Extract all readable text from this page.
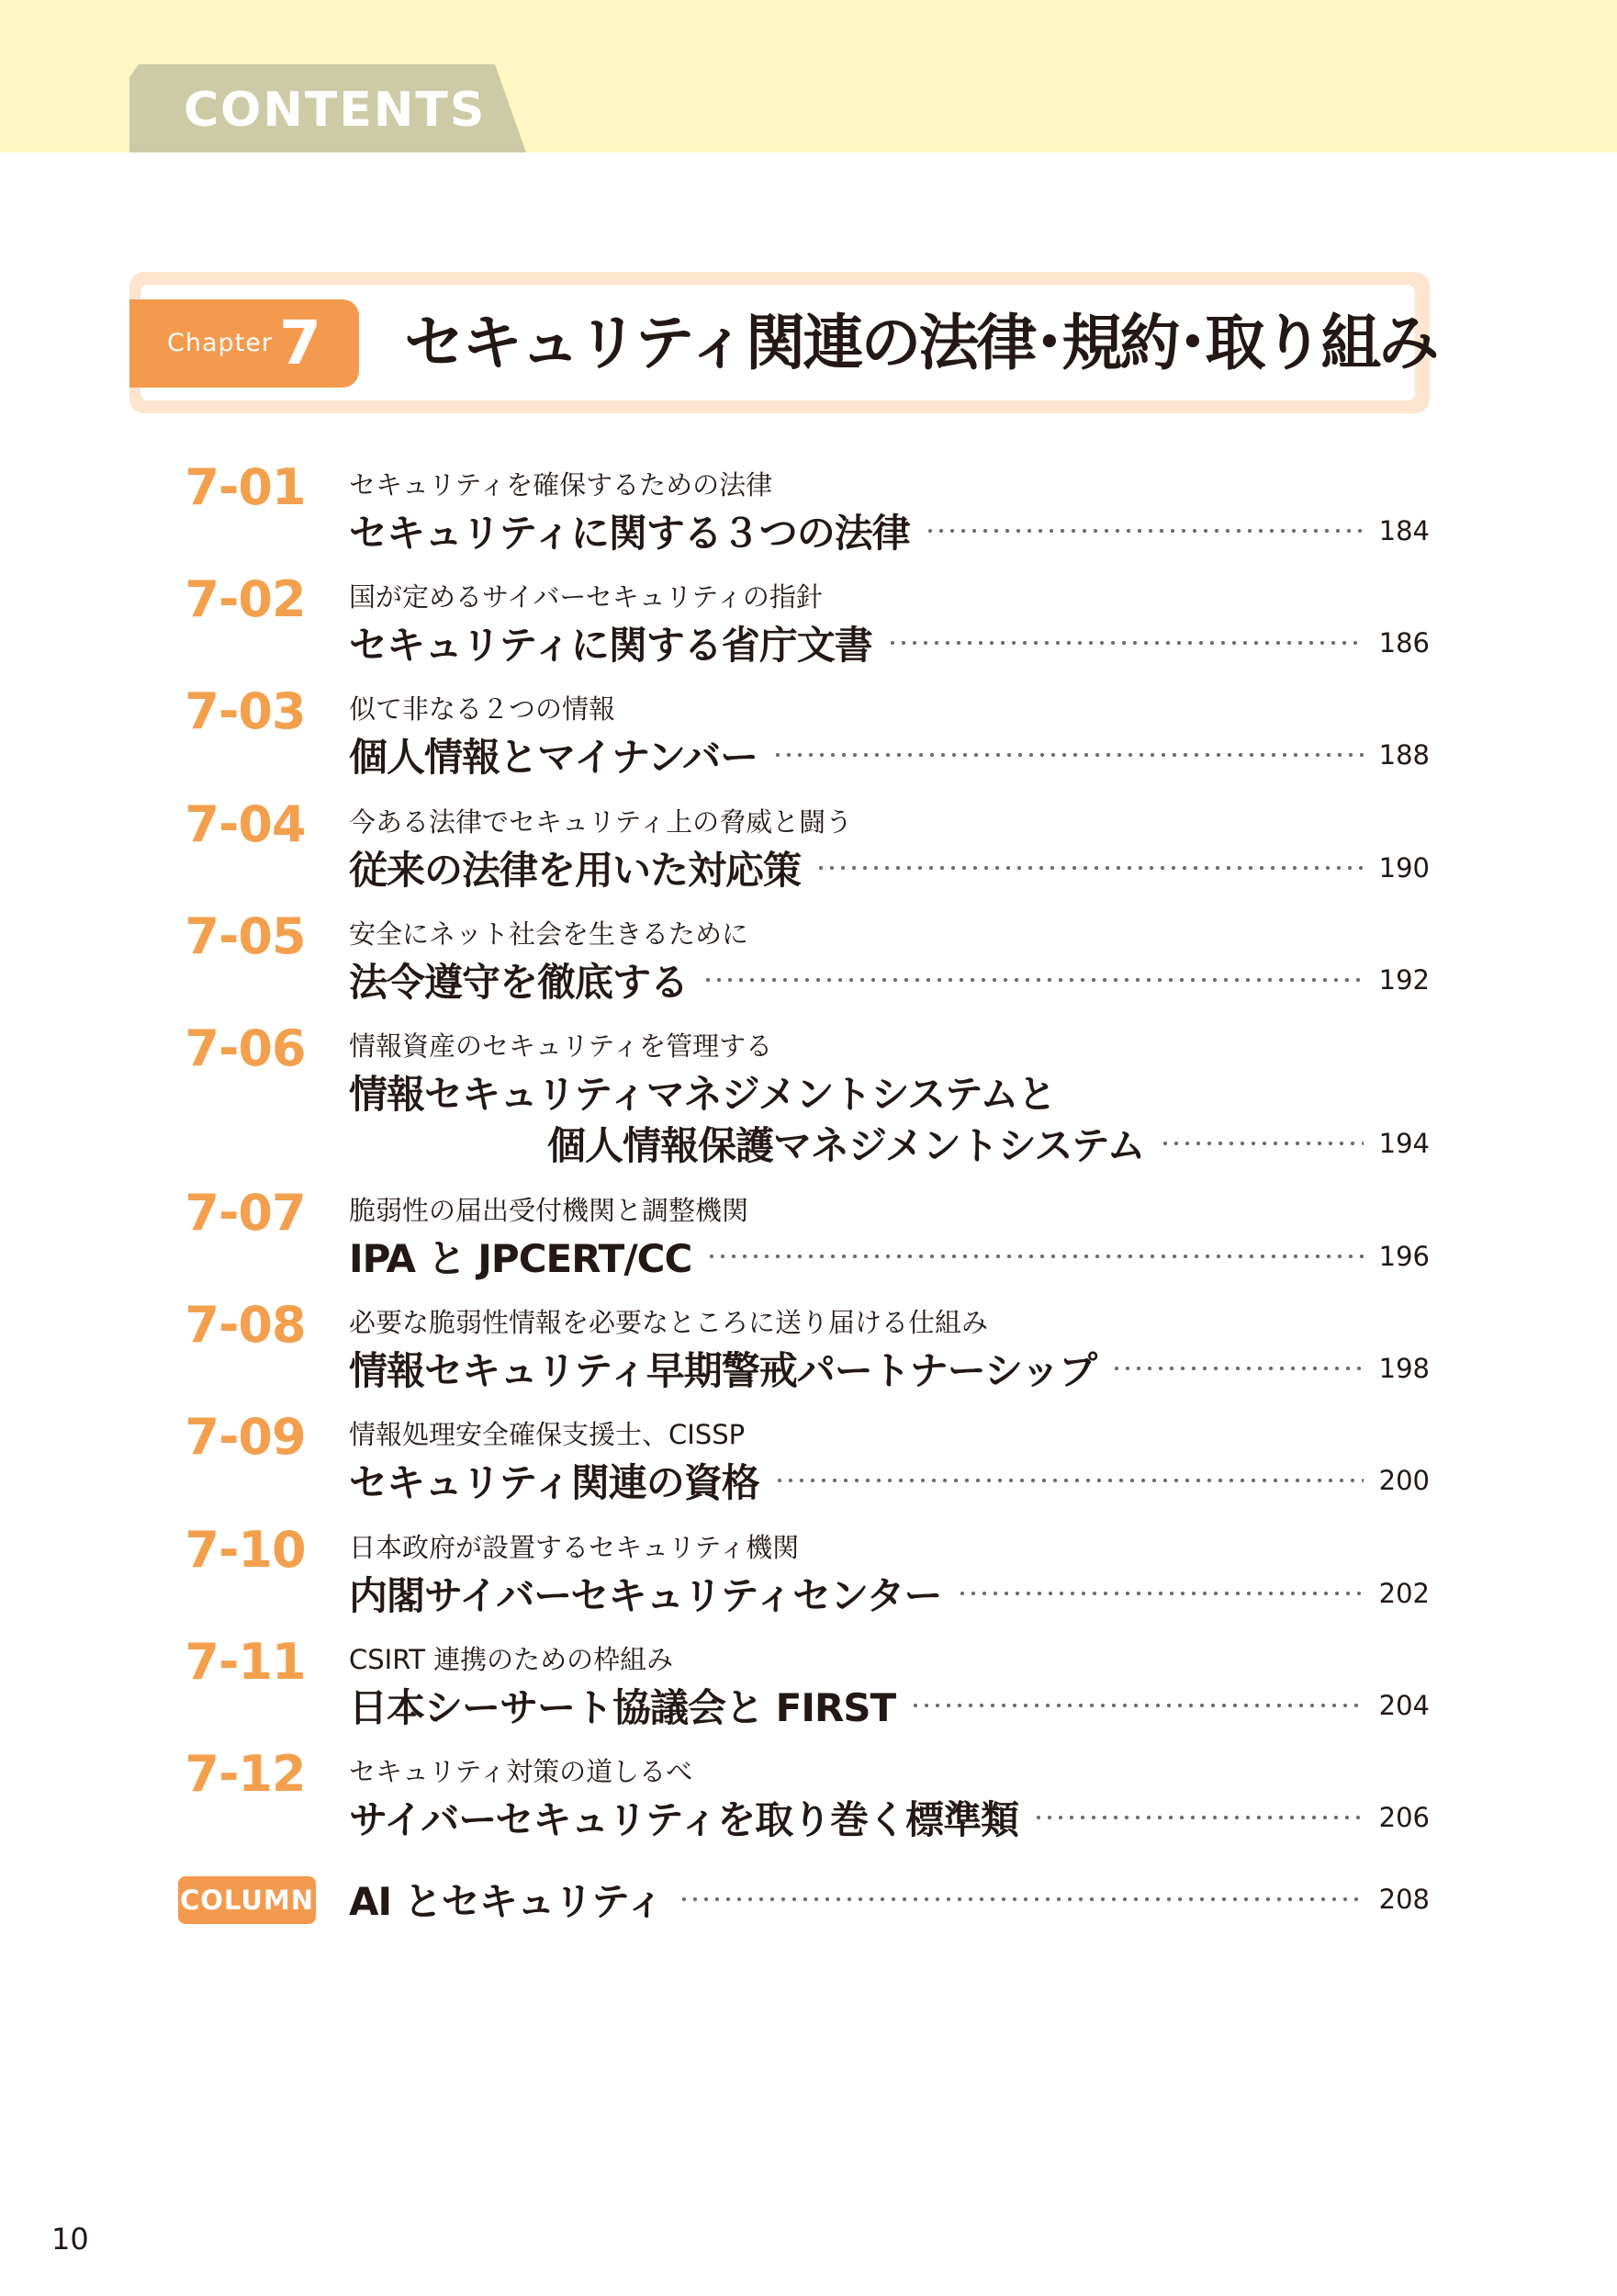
CONTENTS
Chapter 7 セキュリティ関連の法律･規約･取り組み
7-01 セキュリティを確保するための法律
セキュリティに関する３つの法律	184
7-02 国が定めるサイバーセキュリティの指針
セキュリティに関する省庁文書	186
7-03 似て非なる２つの情報
個人情報とマイナンバー	188
7-04 今ある法律でセキュリティ上の脅威と闘う
従来の法律を用いた対応策	190
7-05 安全にネット社会を生きるために
法令遵守を徹底する	192
7-06 情報資産のセキュリティを管理する
情報セキュリティマネジメントシステムと
個人情報保護マネジメントシステム	194
7-07 脆弱性の届出受付機関と調整機関
IPA と JPCERT/CC	196
7-08 必要な脆弱性情報を必要なところに送り届ける仕組み
情報セキュリティ早期警戒パートナーシップ	198
7-09 情報処理安全確保支援士、CISSP
セキュリティ関連の資格	200
7-10 日本政府が設置するセキュリティ機関
内閣サイバーセキュリティセンター	202
7-11 CSIRT 連携のための枠組み
日本シーサート協議会と FIRST	204
7-12 セキュリティ対策の道しるべ
サイバーセキュリティを取り巻く標準類	206
COLUMN AI とセキュリティ	208
10
